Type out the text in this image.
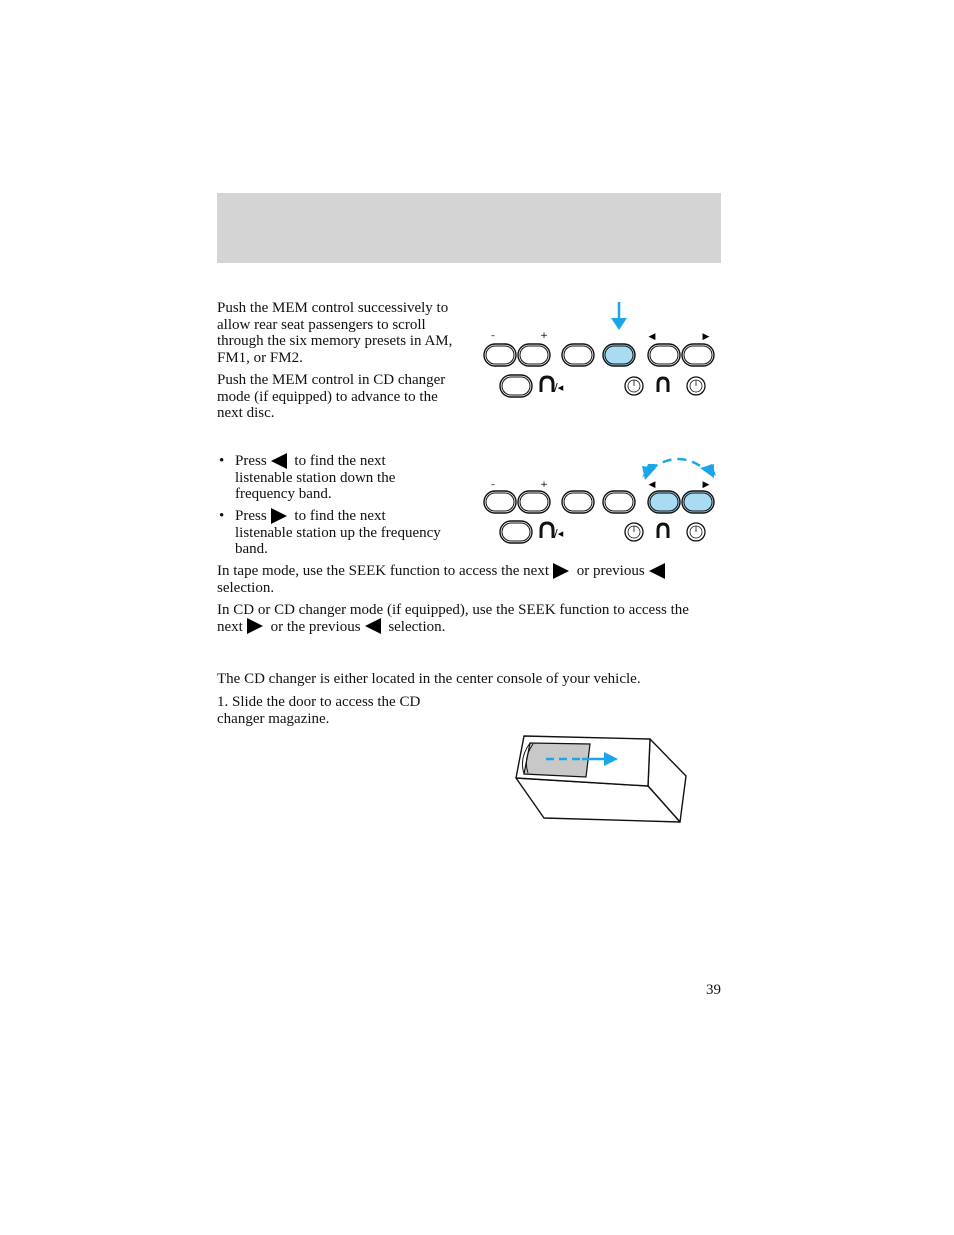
Push the MEM control successively to allow rear seat passengers to scroll through the six memory presets in AM, FM1, or FM2.

Push the MEM control in CD changer mode (if equipped) to advance to the next disc.

–	+	◀	▶
/◂
• Press to find the next listenable station down the frequency band.
• Press to find the next listenable station up the frequency band.
–	+	◀	▶
/◂

In tape mode, use the SEEK function to access the next or previous selection.

In CD or CD changer mode (if equipped), use the SEEK function to access the next or the previous selection.

The CD changer is either located in the center console of your vehicle.

1. Slide the door to access the CD changer magazine.

39
